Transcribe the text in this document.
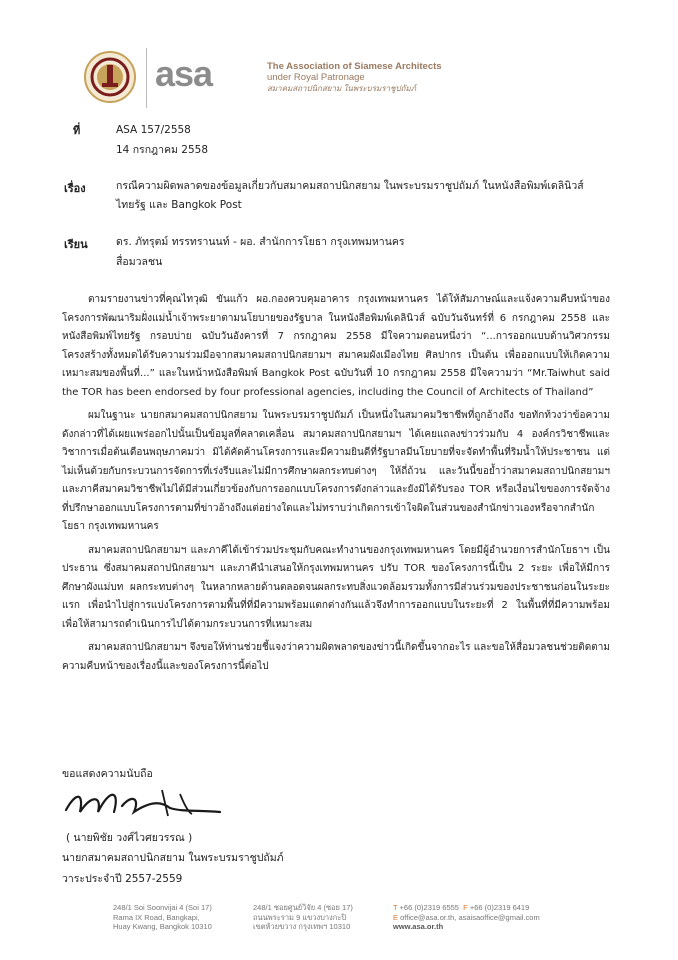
asa	The Association of Siamese Architects
under Royal Patronage
สมาคมสถาปนิกสยาม ในพระบรมราชูปถัมภ์
ที่	ASA 157/2558
14 กรกฎาคม 2558
เรื่อง	กรณีความผิดพลาดของข้อมูลเกี่ยวกับสมาคมสถาปนิกสยาม ในพระบรมราชูปถัมภ์ ในหนังสือพิมพ์เดลินิวส์
ไทยรัฐ และ Bangkok Post
เรียน	ดร. ภัทรุตม์ ทรรทรานนท์ - ผอ. สำนักการโยธา กรุงเทพมหานคร
สื่อมวลชน

ตามรายงานข่าวที่คุณไทวุฒิ ขันแก้ว ผอ.กองควบคุมอาคาร กรุงเทพมหานคร ได้ให้สัมภาษณ์และแจ้งความคืบหน้าของโครงการพัฒนาริมฝั่งแม่น้ำเจ้าพระยาตามนโยบายของรัฐบาล ในหนังสือพิมพ์เดลินิวส์ ฉบับวันจันทร์ที่ 6 กรกฎาคม 2558 และหนังสือพิมพ์ไทยรัฐ กรอบบ่าย ฉบับวันอังคารที่ 7 กรกฎาคม 2558 มีใจความตอนหนึ่งว่า “...การออกแบบด้านวิศวกรรมโครงสร้างทั้งหมดได้รับความร่วมมือจากสมาคมสถาปนิกสยามฯ สมาคมผังเมืองไทย ศิลปากร เป็นต้น เพื่อออกแบบให้เกิดความเหมาะสมของพื้นที่...” และในหน้าหนังสือพิมพ์ Bangkok Post ฉบับวันที่ 10 กรกฎาคม 2558 มีใจความว่า “Mr.Taiwhut said the TOR has been endorsed by four professional agencies, including the Council of Architects of Thailand”

ผมในฐานะ นายกสมาคมสถาปนิกสยาม ในพระบรมราชูปถัมภ์ เป็นหนึ่งในสมาคมวิชาชีพที่ถูกอ้างถึง ขอทักท้วงว่าข้อความดังกล่าวที่ได้เผยแพร่ออกไปนั้นเป็นข้อมูลที่คลาดเคลื่อน สมาคมสถาปนิกสยามฯ ได้เคยแถลงข่าวร่วมกับ 4 องค์กรวิชาชีพและวิชาการเมื่อต้นเดือนพฤษภาคมว่า มิได้คัดค้านโครงการและมีความยินดีที่รัฐบาลมีนโยบายที่จะจัดทำพื้นที่ริมน้ำให้ประชาชน แต่ไม่เห็นด้วยกับกระบวนการจัดการที่เร่งรีบและไม่มีการศึกษาผลกระทบต่างๆ ให้ถี่ถ้วน และวันนี้ขอย้ำว่าสมาคมสถาปนิกสยามฯ และภาคีสมาคมวิชาชีพไม่ได้มีส่วนเกี่ยวข้องกับการออกแบบโครงการดังกล่าวและยังมิได้รับรอง TOR หรือเงื่อนไขของการจัดจ้างที่ปรึกษาออกแบบโครงการตามที่ข่าวอ้างถึงแต่อย่างใดและไม่ทราบว่าเกิดการเข้าใจผิดในส่วนของสำนักข่าวเองหรือจากสำนักโยธา กรุงเทพมหานคร

สมาคมสถาปนิกสยามฯ และภาคีได้เข้าร่วมประชุมกับคณะทำงานของกรุงเทพมหานคร โดยมีผู้อำนวยการสำนักโยธาฯ เป็นประธาน ซึ่งสมาคมสถาปนิกสยามฯ และภาคีนำเสนอให้กรุงเทพมหานคร ปรับ TOR ของโครงการนี้เป็น 2 ระยะ เพื่อให้มีการศึกษาผังแม่บท ผลกระทบต่างๆ ในหลากหลายด้านตลอดจนผลกระทบสิ่งแวดล้อมรวมทั้งการมีส่วนร่วมของประชาชนก่อนในระยะแรก เพื่อนำไปสู่การแบ่งโครงการตามพื้นที่ที่มีความพร้อมแตกต่างกันแล้วจึงทำการออกแบบในระยะที่ 2 ในพื้นที่ที่มีความพร้อมเพื่อให้สามารถดำเนินการไปได้ตามกระบวนการที่เหมาะสม

สมาคมสถาปนิกสยามฯ จึงขอให้ท่านช่วยชี้แจงว่าความผิดพลาดของข่าวนี้เกิดขึ้นจากอะไร และขอให้สื่อมวลชนช่วยติดตามความคืบหน้าของเรื่องนี้และของโครงการนี้ต่อไป

ขอแสดงความนับถือ
( นายพิชัย วงศ์ไวศยวรรณ )
นายกสมาคมสถาปนิกสยาม ในพระบรมราชูปถัมภ์
วาระประจำปี 2557-2559
248/1 Soi Soonvijai 4 (Soi 17)
Rama IX Road, Bangkapi,
Huay Kwang, Bangkok 10310
248/1 ซอยศูนย์วิจัย 4 (ซอย 17)
ถนนพระราม 9 แขวงบางกะปิ
เขตห้วยขวาง กรุงเทพฯ 10310
T +66 (0)2319 6555 F +66 (0)2319 6419
E office@asa.or.th, asaisaoffice@gmail.com
www.asa.or.th
